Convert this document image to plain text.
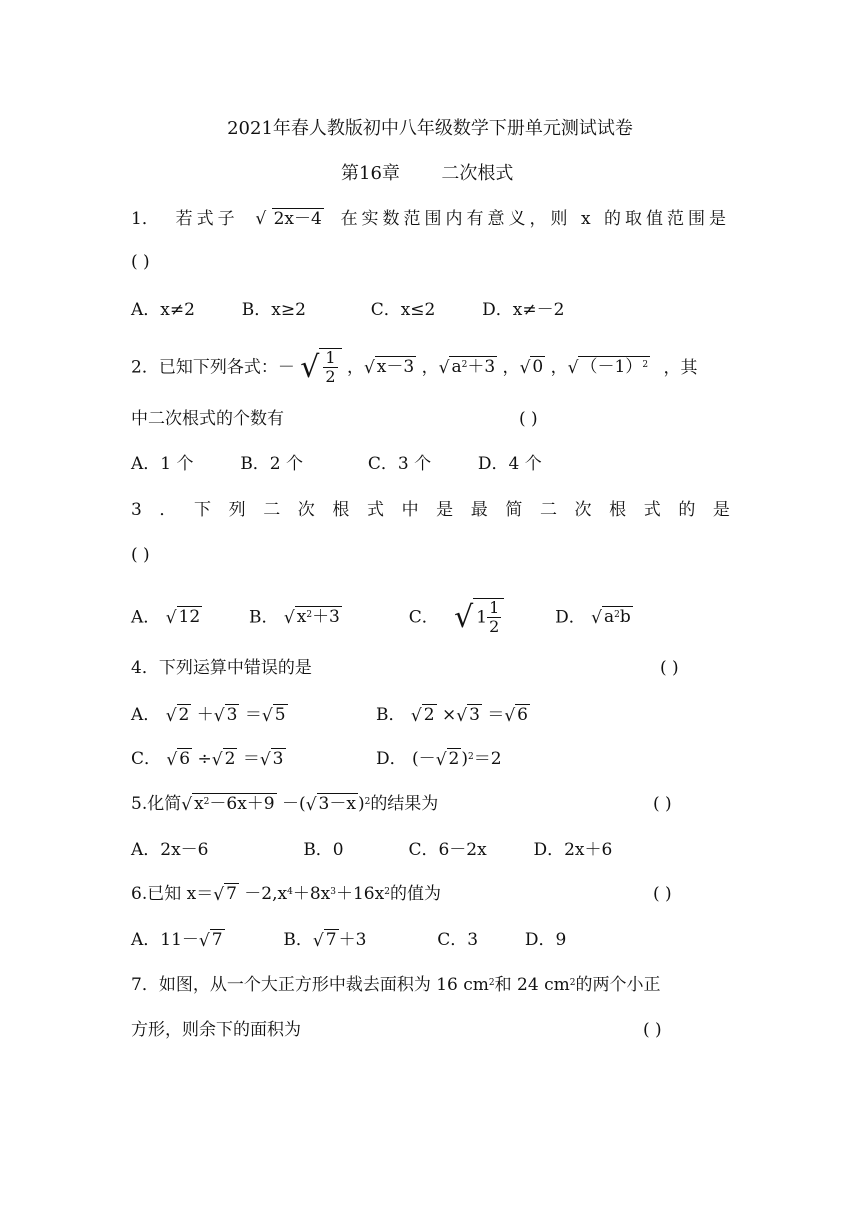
2021年春人教版初中八年级数学下册单元测试试卷
第16章 二次根式
1． 若式子 √ 2x－4 在实数范围内有意义，则 x 的取值范围是
( )
A．x≠2	B．x≥2	C．x≤2	D．x≠－2
2．已知下列各式：－ √ $\frac{1}{2}$ ， √ x－3 ， √ $a^2+3$ ， √ 0 ， √ $(-1)^2$ ，其
中二次根式的个数有	( )
A．1 个	B．2 个	C．3 个	D．4 个
3 ． 下 列 二 次 根 式 中 是 最 简 二 次 根 式 的 是
( )
A． √ 12	B． √ $x^2+3$	C． √ $1 \frac{1}{2}$	D． √ $a^2b$
4．下列运算中错误的是	( )
A． √ 2 ＋ √ 3 ＝ √ 5	B． √ 2 × √ 3 ＝ √ 6
C． √ 6 ÷ √ 2 ＝ √ 3	D． (－ √ 2 )$^2$＝2
5.化简 √ $x^2-6x+9$ －( √ 3－x )$^2$的结果为	( )
A．2x－6	B．0	C．6－2x	D．2x＋6
6.已知 x＝ √ $7 -2,x^4+8x^3+16x^2$的值为	( )
A．11－ √ 7	B． √ 7 ＋3	C．3	D．9
7．如图，从一个大正方形中裁去面积为 16 $cm^2$和 24 $cm^2$的两个小正
方形，则余下的面积为	( )
